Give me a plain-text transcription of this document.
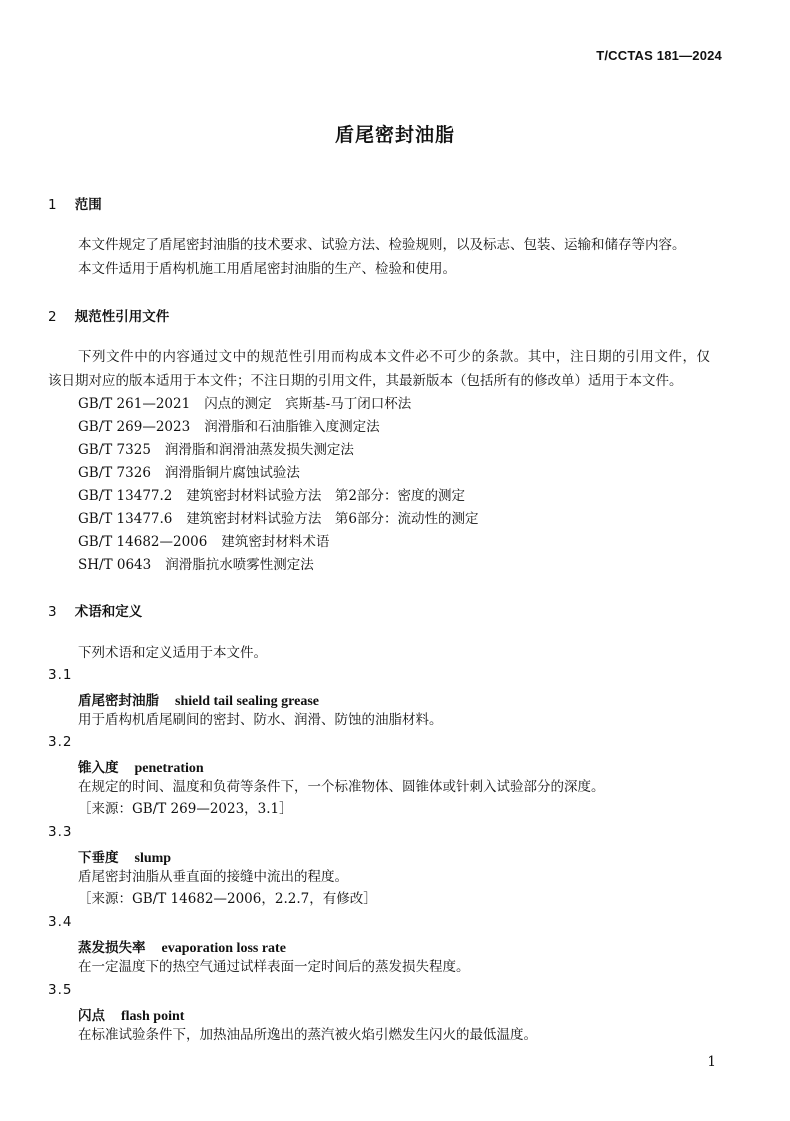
T/CCTAS 181—2024
盾尾密封油脂
1 范围
本文件规定了盾尾密封油脂的技术要求、试验方法、检验规则，以及标志、包装、运输和储存等内容。
本文件适用于盾构机施工用盾尾密封油脂的生产、检验和使用。
2 规范性引用文件
下列文件中的内容通过文中的规范性引用而构成本文件必不可少的条款。其中，注日期的引用文件，仅
该日期对应的版本适用于本文件；不注日期的引用文件，其最新版本（包括所有的修改单）适用于本文件。
GB/T 261—2021 闪点的测定　宾斯基-马丁闭口杯法
GB/T 269—2023 润滑脂和石油脂锥入度测定法
GB/T 7325 润滑脂和润滑油蒸发损失测定法
GB/T 7326 润滑脂铜片腐蚀试验法
GB/T 13477.2 建筑密封材料试验方法　第2部分：密度的测定
GB/T 13477.6 建筑密封材料试验方法　第6部分：流动性的测定
GB/T 14682—2006 建筑密封材料术语
SH/T 0643 润滑脂抗水喷雾性测定法
3 术语和定义
下列术语和定义适用于本文件。
3.1
盾尾密封油脂 shield tail sealing grease
用于盾构机盾尾刷间的密封、防水、润滑、防蚀的油脂材料。
3.2
锥入度 penetration
在规定的时间、温度和负荷等条件下，一个标准物体、圆锥体或针刺入试验部分的深度。
［来源：GB/T 269—2023，3.1］
3.3
下垂度 slump
盾尾密封油脂从垂直面的接缝中流出的程度。
［来源：GB/T 14682—2006，2.2.7，有修改］
3.4
蒸发损失率 evaporation loss rate
在一定温度下的热空气通过试样表面一定时间后的蒸发损失程度。
3.5
闪点 flash point
在标准试验条件下，加热油品所逸出的蒸汽被火焰引燃发生闪火的最低温度。
1
